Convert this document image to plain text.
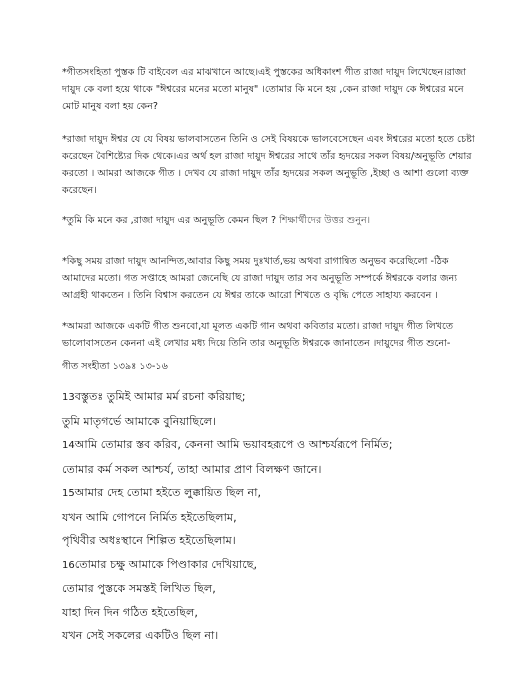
*গীতসংহিতা পুস্তক টি বাইবেল এর মাঝখানে আছে।এই পুস্তকের অধিকাংশ গীত রাজা দায়ুদ লিখেছেন।রাজা দায়ুদ কে বলা হয়ে থাকে "ঈশ্বরের মনের মতো মানুষ" ।তোমার কি মনে হয় ,কেন রাজা দায়ুদ কে ঈশ্বরের মনে মোট মানুষ বলা হয় কেন?

*রাজা দায়ুদ ঈশ্বর যে যে বিষয় ভালবাসতেন তিনি ও সেই বিষয়কে ভালবেসেছেন এবং ঈশ্বরের মতো হতে চেষ্টা করেছেন বৈশিষ্ট্যের দিক থেকে।এর অর্থ হল রাজা দায়ুদ ঈশ্বরের সাথে তাঁর হৃদয়ের সকল বিষয়/অনুভূতি শেয়ার করতো । আমরা আজকে গীত । দেখব যে রাজা দায়ুদ তাঁর হৃদয়ের সকল অনুভূতি ,ইচ্ছা ও আশা গুলো ব্যক্ত করেছেন।

*তুমি কি মনে কর ,রাজা দায়ুদ এর অনুভূতি কেমন ছিল ? শিক্ষার্থীদের উত্তর শুনুন।

*কিছু সময় রাজা দায়ুদ আনন্দিত,আবার কিছু সময় দুঃখার্ত,ভয় অথবা রাগান্বিত অনুভব করেছিলো -ঠিক আমাদের মতো। গত সপ্তাহে আমরা জেনেছি যে রাজা দায়ুদ তার সব অনুভূতি সম্পর্কে ঈশ্বরকে বলার জন্য আগ্রহী থাকতেন । তিনি বিশ্বাস করতেন যে ঈশ্বর তাকে আরো শিখতে ও বৃদ্ধি পেতে সাহায্য করবেন ।

*আমরা আজকে একটি গীত শুনবো,যা মূলত একটি গান অথবা কবিতার মতো। রাজা দায়ুদ গীত লিখতে ভালোবাসতেন কেননা এই লেখার মধ্য দিয়ে তিনি তার অনুভূতি ঈশ্বরকে জানাতেন ।দায়ুদের গীত শুনো-

গীত সংহীতা ১৩৯ঃ ১৩-১৬
13বস্তুতঃ তুমিই আমার মর্ম রচনা করিয়াছ;
তুমি মাতৃগর্ভে আমাকে বুনিয়াছিলে।
14আমি তোমার স্তব করিব, কেননা আমি ভয়াবহরূপে ও আশ্চর্যরূপে নির্মিত;
তোমার কর্ম সকল আশ্চর্য, তাহা আমার প্রাণ বিলক্ষণ জানে।
15আমার দেহ তোমা হইতে লুক্কায়িত ছিল না,
যখন আমি গোপনে নির্মিত হইতেছিলাম,
পৃথিবীর অধঃস্থানে শিল্পিত হইতেছিলাম।
16তোমার চক্ষু আমাকে পিণ্ডাকার দেখিয়াছে,
তোমার পুস্তকে সমস্তই লিখিত ছিল,
যাহা দিন দিন গঠিত হইতেছিল,
যখন সেই সকলের একটিও ছিল না।
